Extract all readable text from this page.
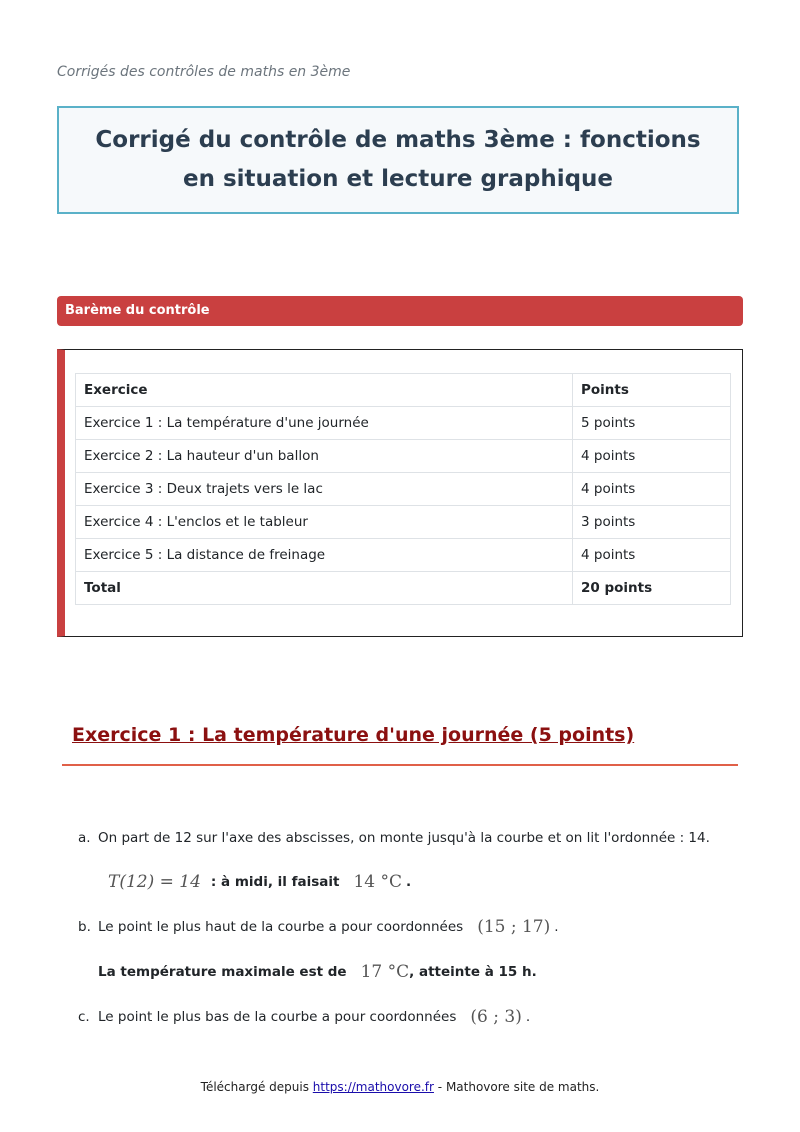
Corrigés des contrôles de maths en 3ème
Corrigé du contrôle de maths 3ème : fonctions en situation et lecture graphique
Barème du contrôle
Exercice	Points
Exercice 1 : La température d'une journée	5 points
Exercice 2 : La hauteur d'un ballon	4 points
Exercice 3 : Deux trajets vers le lac	4 points
Exercice 4 : L'enclos et le tableur	3 points
Exercice 5 : La distance de freinage	4 points
Total	20 points
Exercice 1 : La température d'une journée (5 points)
a. On part de 12 sur l'axe des abscisses, on monte jusqu'à la courbe et on lit l'ordonnée : 14.
T(12) = 14 : à midi, il faisait 14 °C .
b. Le point le plus haut de la courbe a pour coordonnées (15 ; 17) .
La température maximale est de 17 °C , atteinte à 15 h.
c. Le point le plus bas de la courbe a pour coordonnées (6 ; 3) .
Téléchargé depuis https://mathovore.fr - Mathovore site de maths.
